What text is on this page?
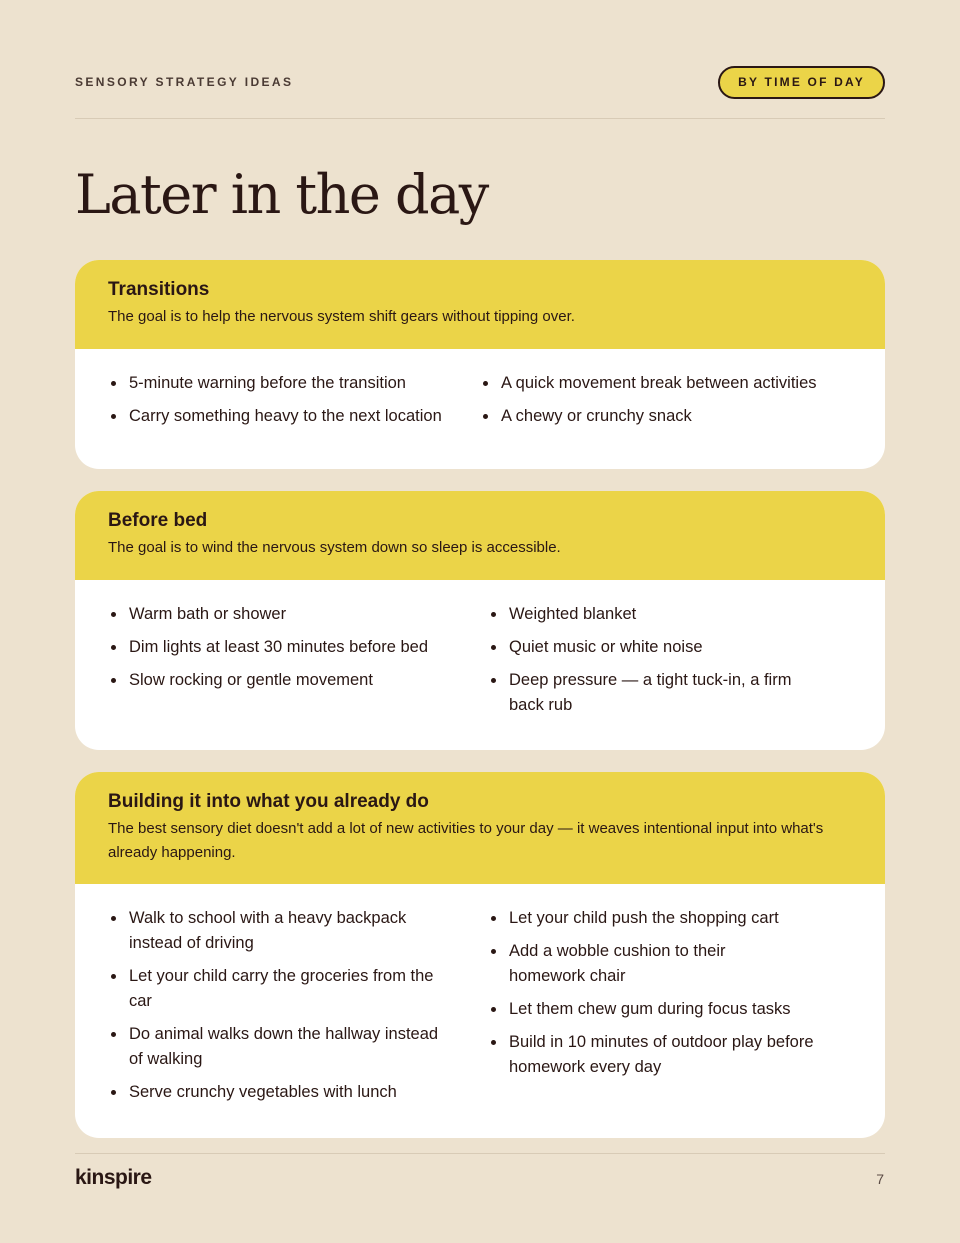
SENSORY STRATEGY IDEAS	BY TIME OF DAY
Later in the day
Transitions
The goal is to help the nervous system shift gears without tipping over.
5-minute warning before the transition
Carry something heavy to the next location
A quick movement break between activities
A chewy or crunchy snack
Before bed
The goal is to wind the nervous system down so sleep is accessible.
Warm bath or shower
Dim lights at least 30 minutes before bed
Slow rocking or gentle movement
Weighted blanket
Quiet music or white noise
Deep pressure — a tight tuck-in, a firm back rub
Building it into what you already do
The best sensory diet doesn't add a lot of new activities to your day — it weaves intentional input into what's already happening.
Walk to school with a heavy backpack instead of driving
Let your child carry the groceries from the car
Do animal walks down the hallway instead of walking
Serve crunchy vegetables with lunch
Let your child push the shopping cart
Add a wobble cushion to their homework chair
Let them chew gum during focus tasks
Build in 10 minutes of outdoor play before homework every day
kinspire	7
